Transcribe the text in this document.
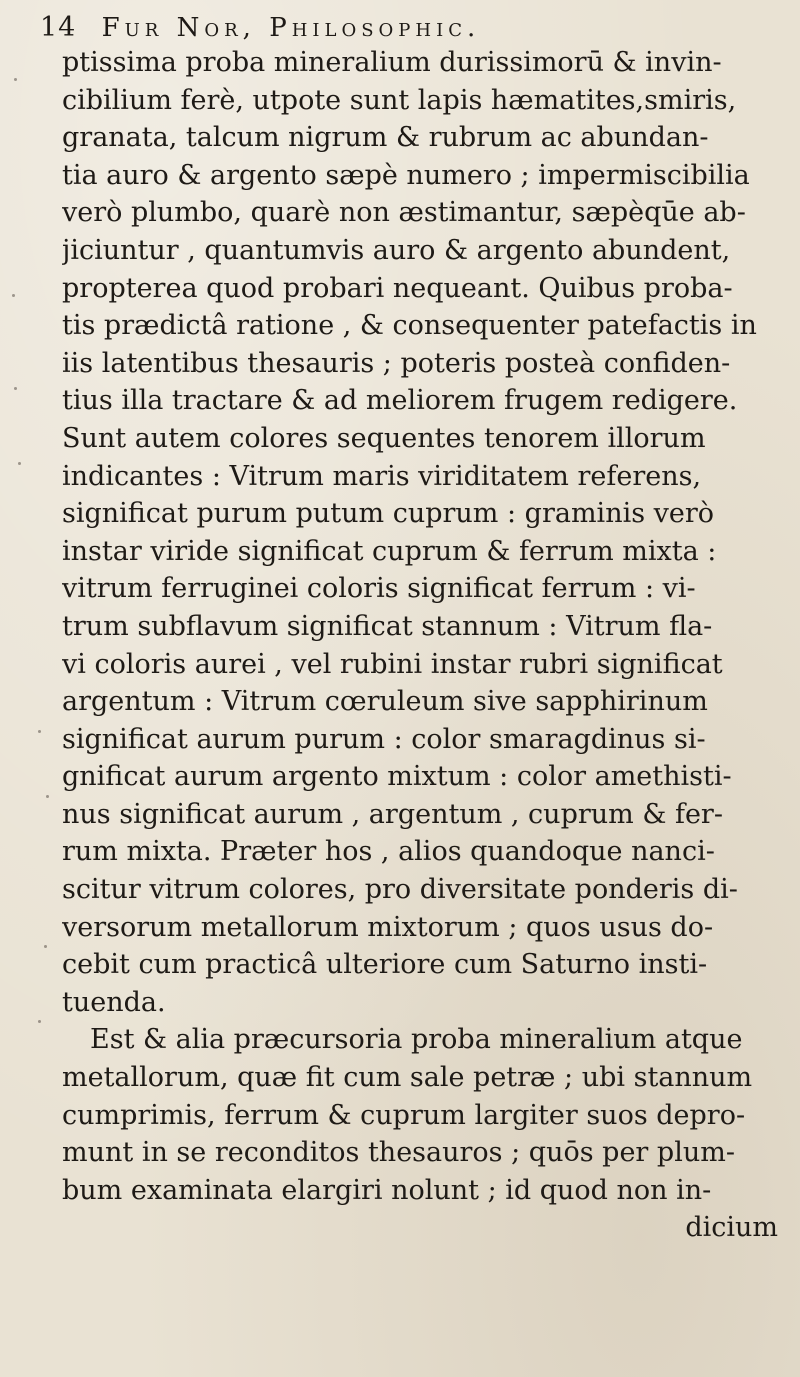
14 Fur Nor, Philosophic.
ptissima proba mineralium durissimorū & invin-
cibilium ferè, utpote sunt lapis hæmatites,smiris,
granata, talcum nigrum & rubrum ac abundan-
tia auro & argento sæpè numero ; impermiscibilia
verò plumbo, quarè non æstimantur, sæpèqūe ab-
jiciuntur , quantumvis auro & argento abundent,
propterea quod probari nequeant. Quibus proba-
tis prædictâ ratione , & consequenter patefactis in
iis latentibus thesauris ; poteris posteà confiden-
tius illa tractare & ad meliorem frugem redigere.
Sunt autem colores sequentes tenorem illorum
indicantes : Vitrum maris viriditatem referens,
significat purum putum cuprum : graminis verò
instar viride significat cuprum & ferrum mixta :
vitrum ferruginei coloris significat ferrum : vi-
trum subflavum significat stannum : Vitrum fla-
vi coloris aurei , vel rubini instar rubri significat
argentum : Vitrum cœruleum sive sapphirinum
significat aurum purum : color smaragdinus si-
gnificat aurum argento mixtum : color amethisti-
nus significat aurum , argentum , cuprum & fer-
rum mixta. Præter hos , alios quandoque nanci-
scitur vitrum colores, pro diversitate ponderis di-
versorum metallorum mixtorum ; quos usus do-
cebit cum practicâ ulteriore cum Saturno insti-
tuenda.
Est & alia præcursoria proba mineralium atque
metallorum, quæ fit cum sale petræ ; ubi stannum
cumprimis, ferrum & cuprum largiter suos depro-
munt in se reconditos thesauros ; quōs per plum-
bum examinata elargiri nolunt ; id quod non in-
dicium
